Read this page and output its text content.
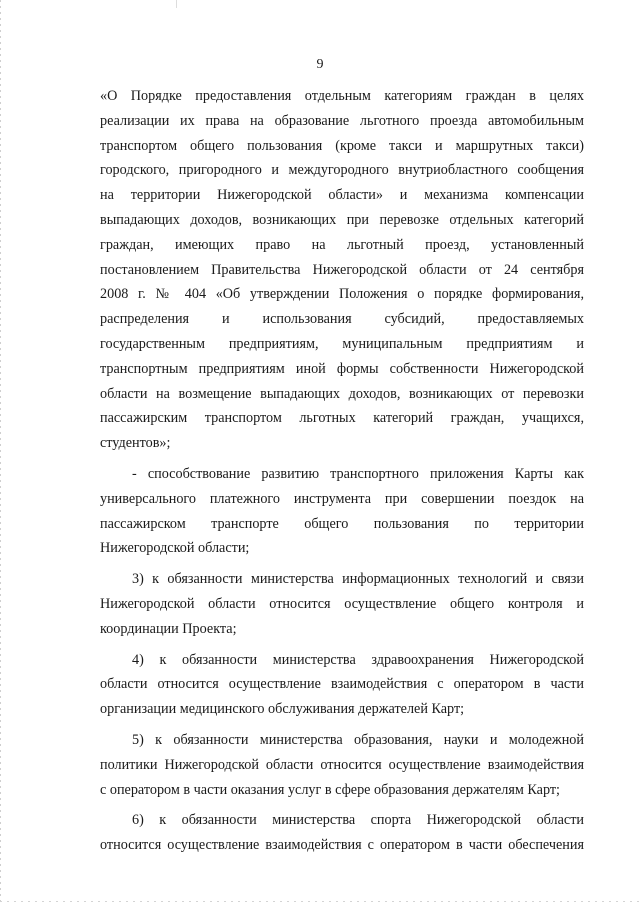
9
«О Порядке предоставления отдельным категориям граждан в целях
реализации их права на образование льготного проезда автомобильным
транспортом общего пользования (кроме такси и маршрутных такси)
городского, пригородного и междугородного внутриобластного сообщения
на территории Нижегородской области» и механизма компенсации
выпадающих доходов, возникающих при перевозке отдельных категорий
граждан, имеющих право на льготный проезд, установленный
постановлением Правительства Нижегородской области от 24 сентября
2008 г. № 404 «Об утверждении Положения о порядке формирования,
распределения и использования субсидий, предоставляемых
государственным предприятиям, муниципальным предприятиям и
транспортным предприятиям иной формы собственности Нижегородской
области на возмещение выпадающих доходов, возникающих от перевозки
пассажирским транспортом льготных категорий граждан, учащихся,
студентов»;
- способствование развитию транспортного приложения Карты как
универсального платежного инструмента при совершении поездок на
пассажирском транспорте общего пользования по территории
Нижегородской области;
3) к обязанности министерства информационных технологий и связи
Нижегородской области относится осуществление общего контроля и
координации Проекта;
4) к обязанности министерства здравоохранения Нижегородской
области относится осуществление взаимодействия с оператором в части
организации медицинского обслуживания держателей Карт;
5) к обязанности министерства образования, науки и молодежной
политики Нижегородской области относится осуществление взаимодействия
с оператором в части оказания услуг в сфере образования держателям Карт;
6) к обязанности министерства спорта Нижегородской области
относится осуществление взаимодействия с оператором в части обеспечения
